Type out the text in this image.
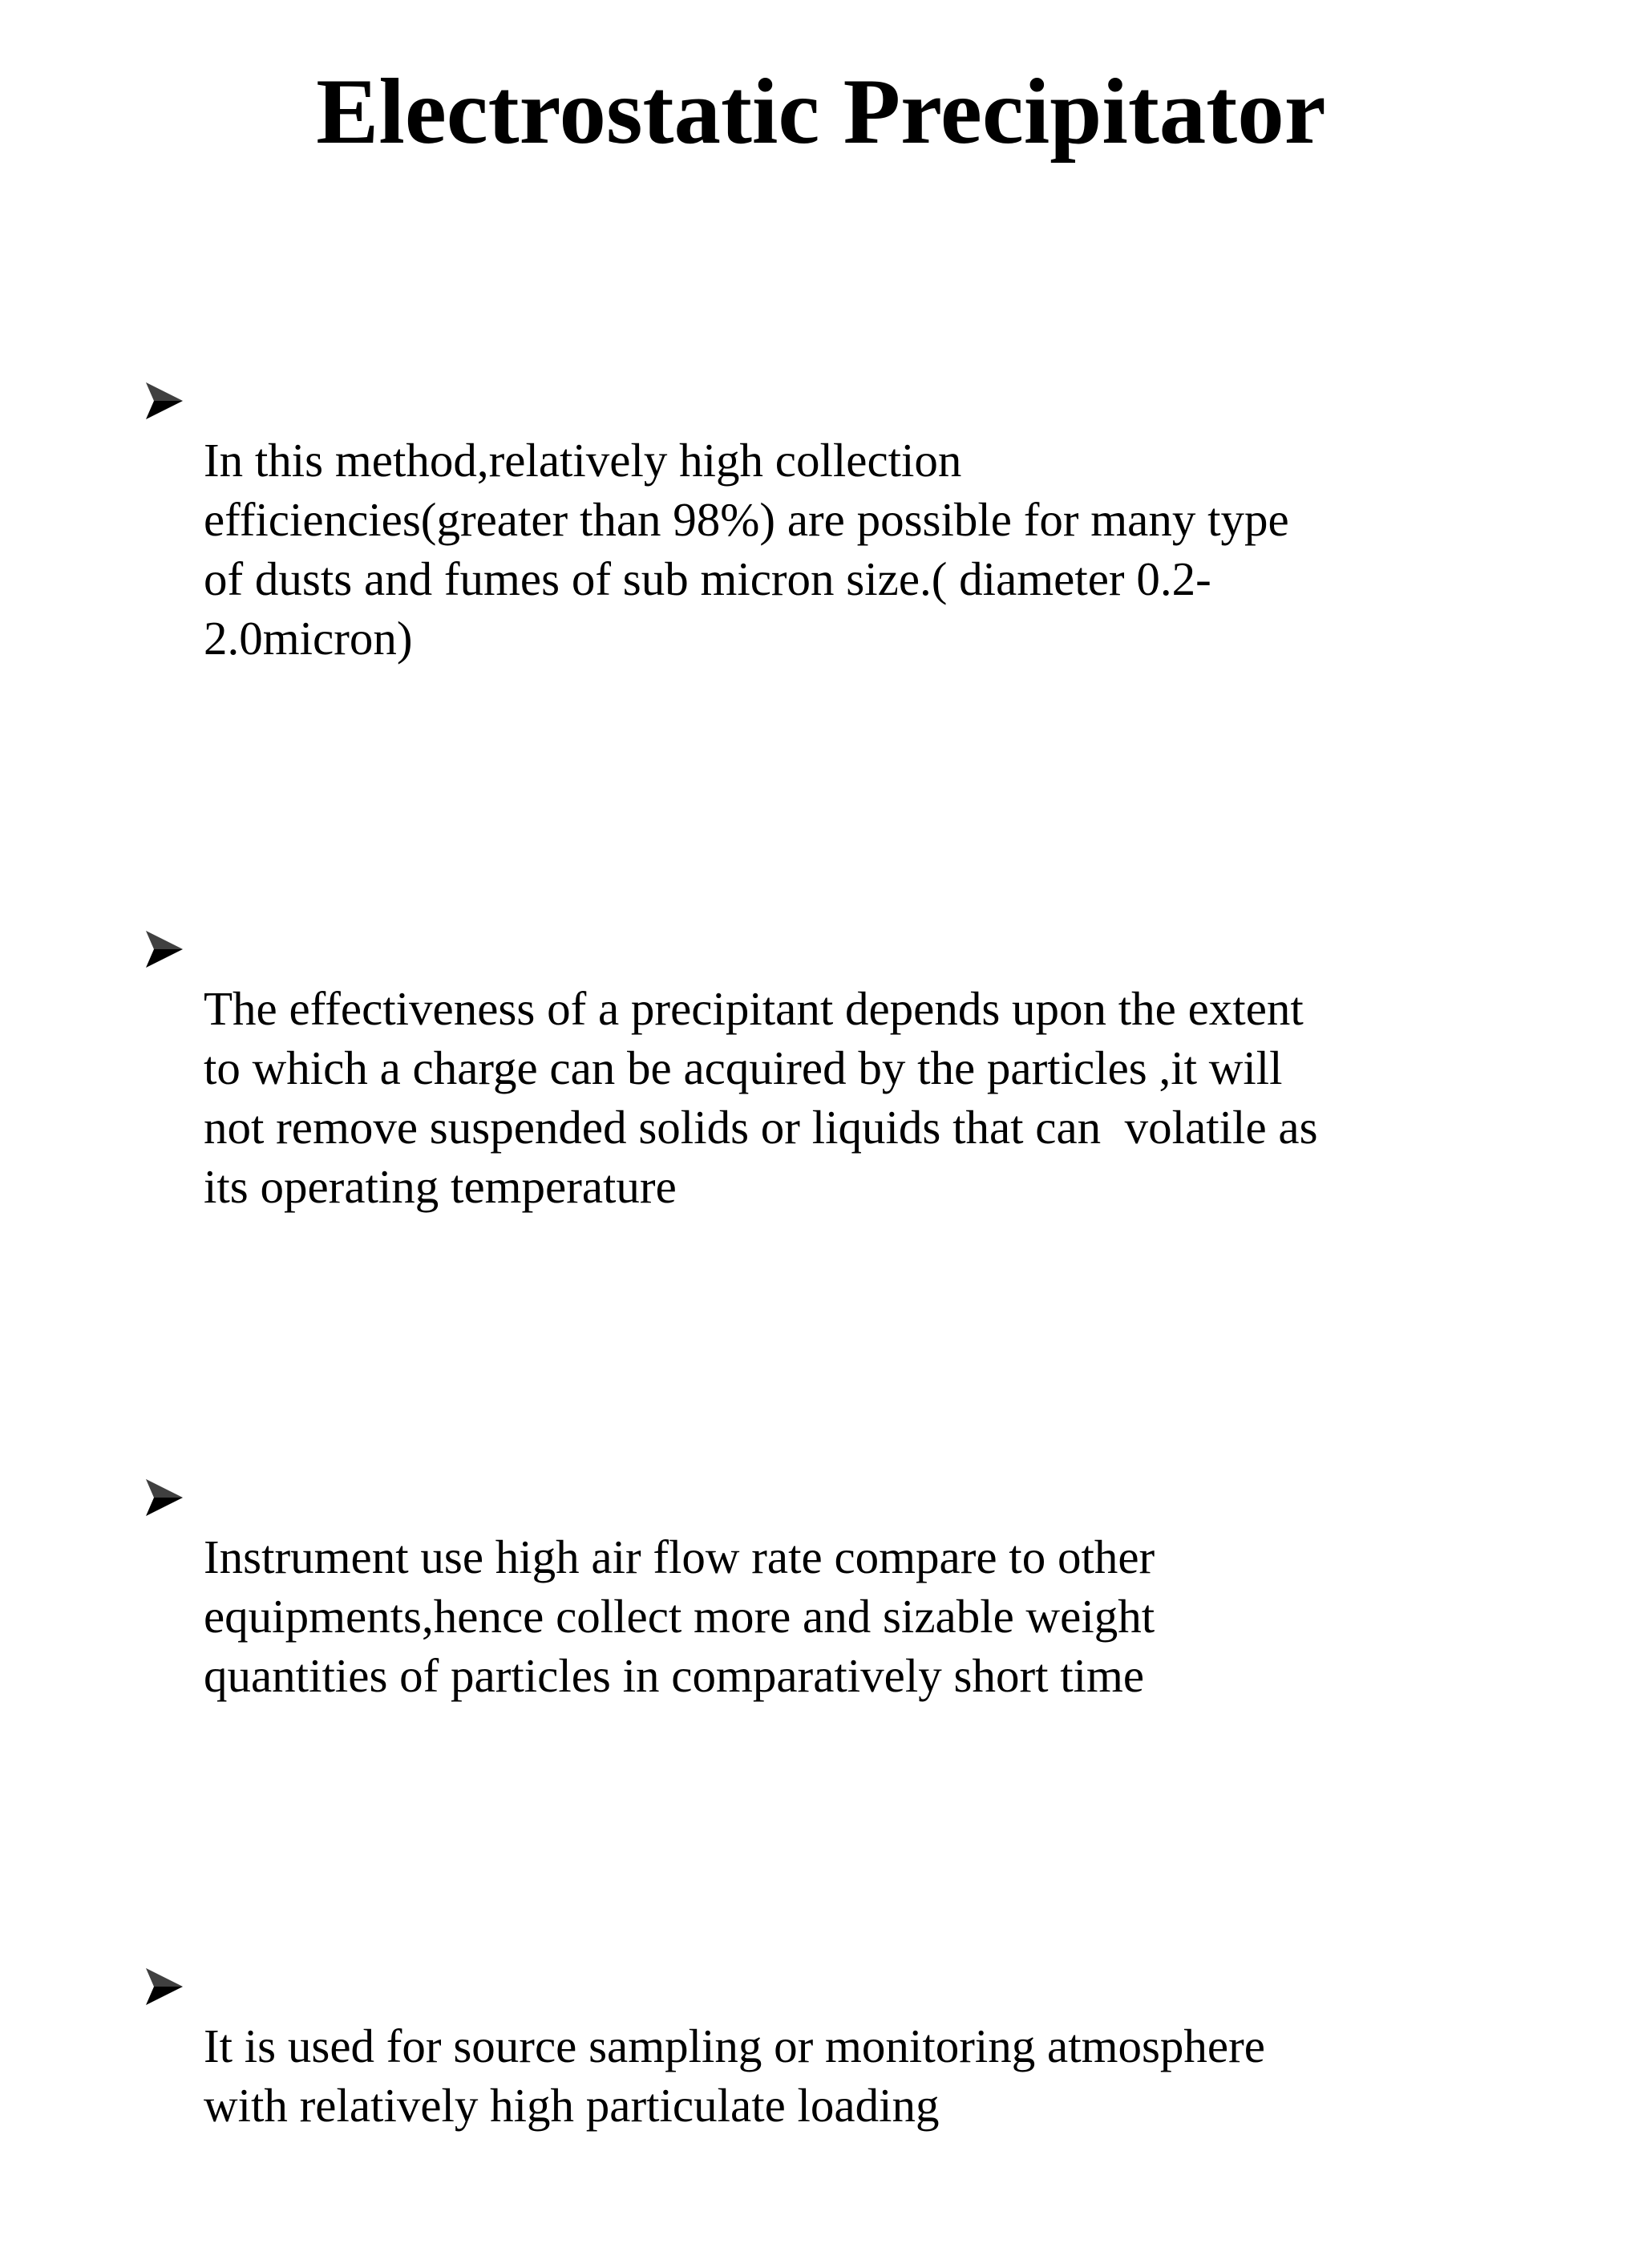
Electrostatic Precipitator

In this method,relatively high collection
efficiencies(greater than 98%) are possible for many type
of dusts and fumes of sub micron size.( diameter 0.2-
2.0micron)

The effectiveness of a precipitant depends upon the extent
to which a charge can be acquired by the particles ,it will
not remove suspended solids or liquids that can  volatile as
its operating temperature

Instrument use high air flow rate compare to other
equipments,hence collect more and sizable weight
quantities of particles in comparatively short time

It is used for source sampling or monitoring atmosphere
with relatively high particulate loading
